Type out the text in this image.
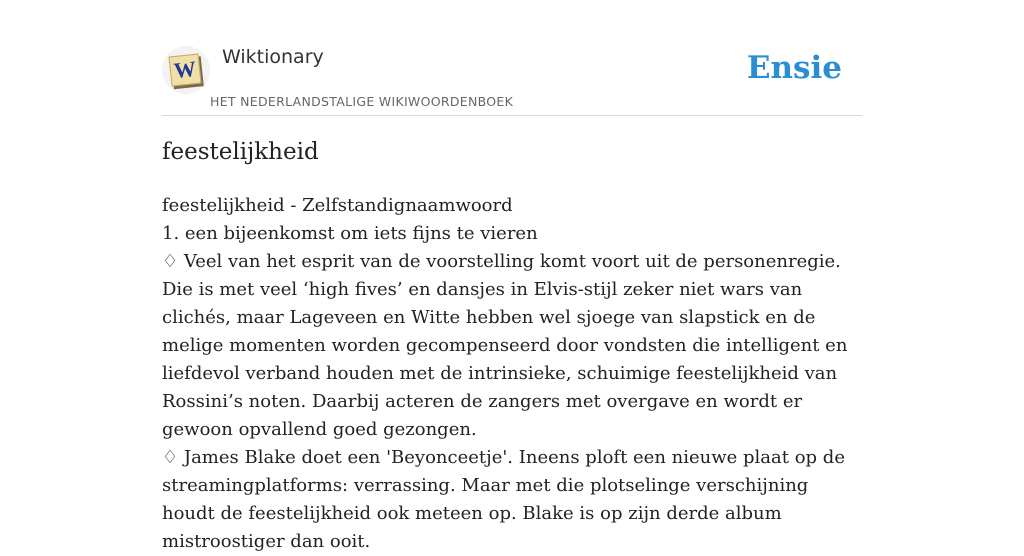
W Wiktionary
HET NEDERLANDSTALIGE WIKIWOORDENBOEK
Ensie
feestelijkheid

feestelijkheid - Zelfstandignaamwoord

1. een bijeenkomst om iets fijns te vieren

♢ Veel van het esprit van de voorstelling komt voort uit de personenregie. Die is met veel ‘high fives’ en dansjes in Elvis-stijl zeker niet wars van clichés, maar Lageveen en Witte hebben wel sjoege van slapstick en de melige momenten worden gecompenseerd door vondsten die intelligent en liefdevol verband houden met de intrinsieke, schuimige feestelijkheid van Rossini’s noten. Daarbij acteren de zangers met overgave en wordt er gewoon opvallend goed gezongen.

♢ James Blake doet een 'Beyonceetje'. Ineens ploft een nieuwe plaat op de streamingplatforms: verrassing. Maar met die plotselinge verschijning houdt de feestelijkheid ook meteen op. Blake is op zijn derde album mistroostiger dan ooit.
